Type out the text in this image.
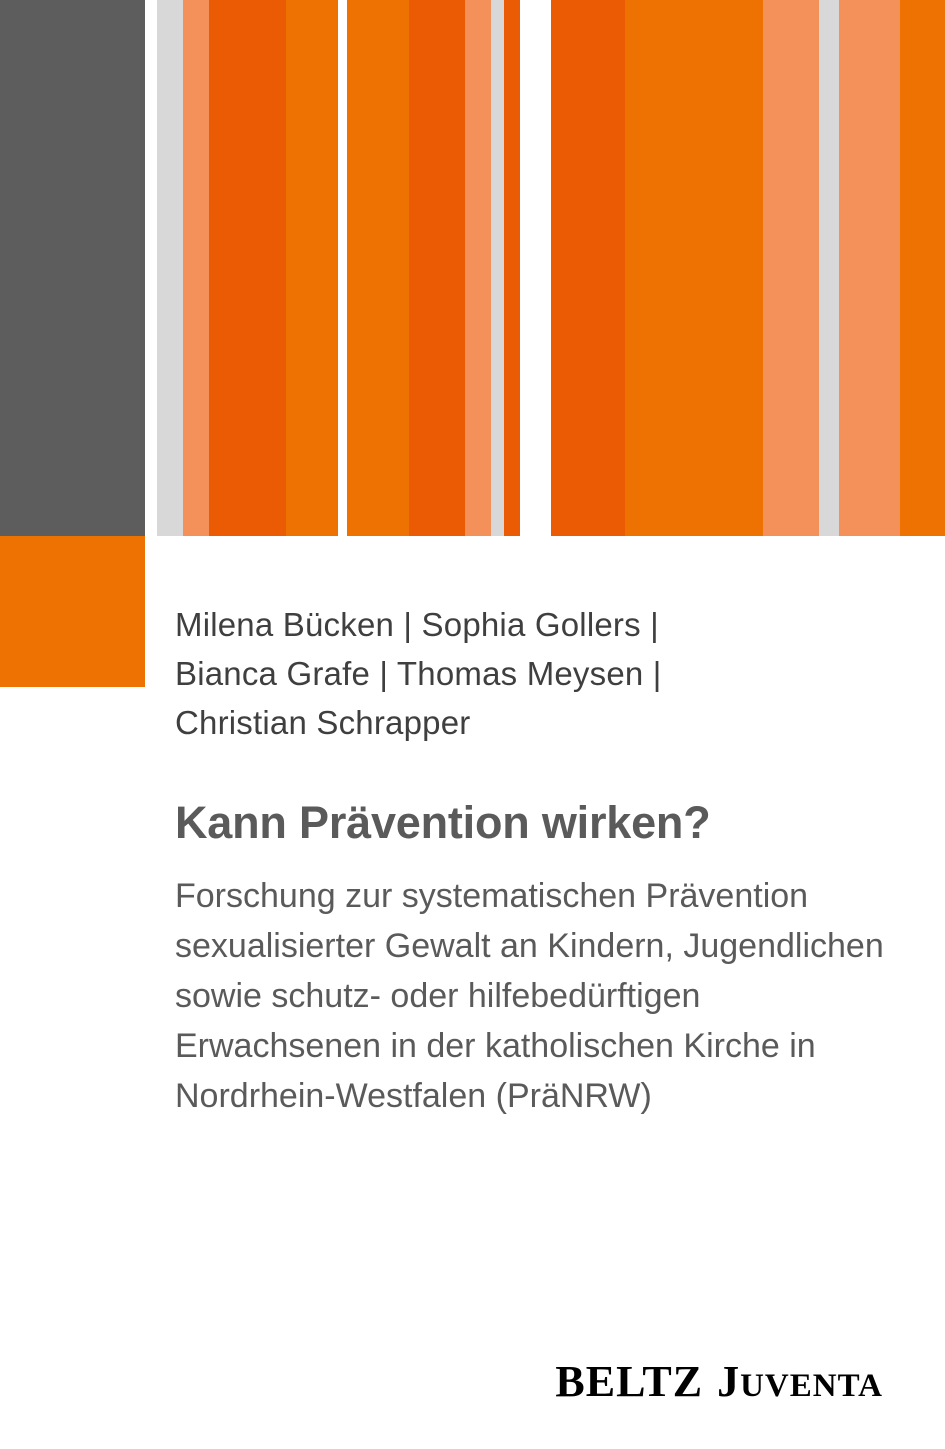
Milena Bücken | Sophia Gollers |
Bianca Grafe | Thomas Meysen |
Christian Schrapper
Kann Prävention wirken?
Forschung zur systematischen Prävention sexualisierter Gewalt an Kindern, Jugendlichen sowie schutz- oder hilfebedürftigen Erwachsenen in der katholischen Kirche in Nordrhein-Westfalen (PräNRW)
BELTZ JUVENTA
